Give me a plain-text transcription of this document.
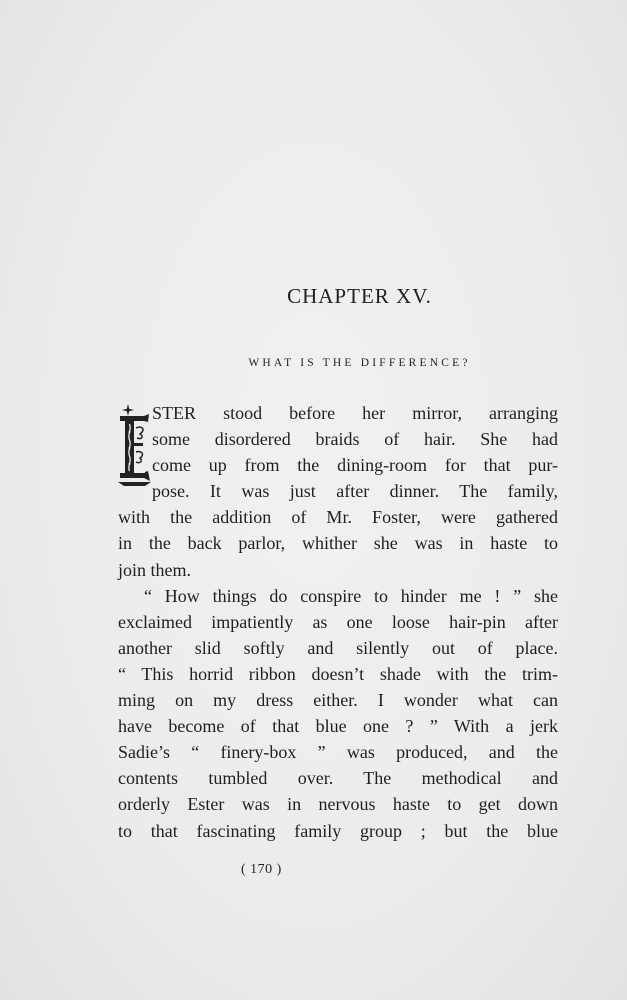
CHAPTER XV.
WHAT IS THE DIFFERENCE?
STER stood before her mirror, arranging
some disordered braids of hair. She had
come up from the dining-room for that pur-
pose. It was just after dinner. The family,
with the addition of Mr. Foster, were gathered
in the back parlor, whither she was in haste to
join them.
“ How things do conspire to hinder me ! ” she
exclaimed impatiently as one loose hair-pin after
another slid softly and silently out of place.
“ This horrid ribbon doesn’t shade with the trim-
ming on my dress either. I wonder what can
have become of that blue one ? ” With a jerk
Sadie’s “ finery-box ” was produced, and the
contents tumbled over. The methodical and
orderly Ester was in nervous haste to get down
to that fascinating family group ; but the blue
( 170 )
